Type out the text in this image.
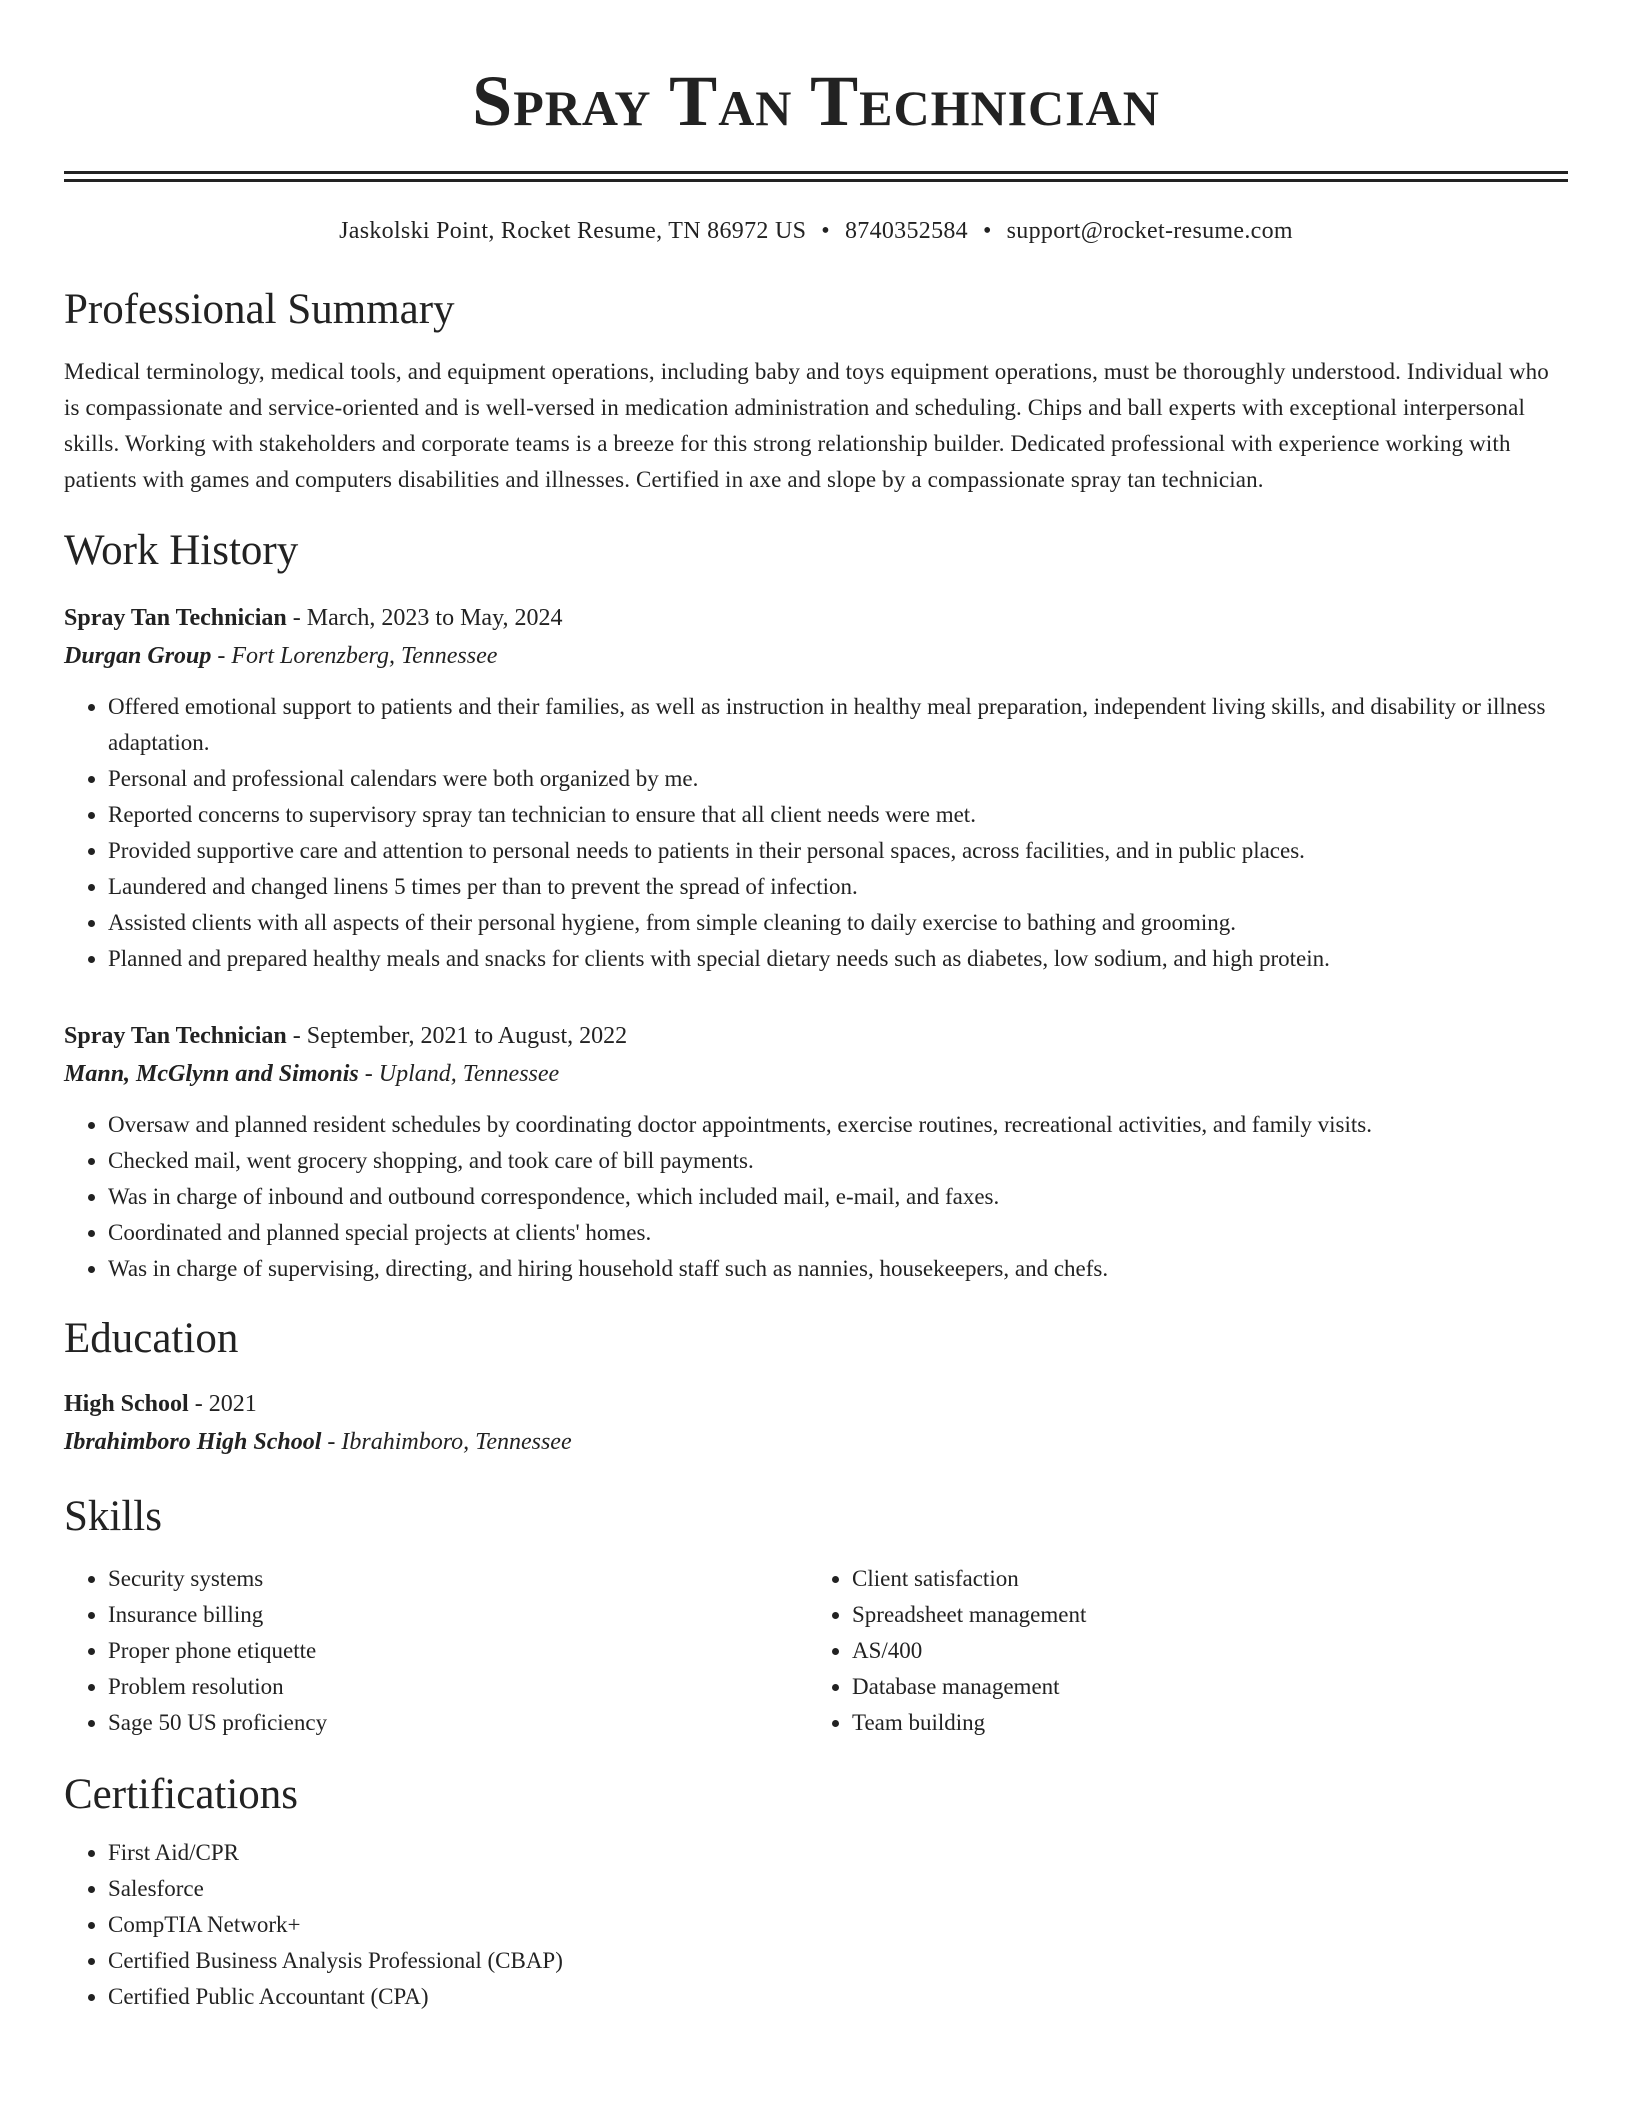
Spray Tan Technician
Jaskolski Point, Rocket Resume, TN 86972 US • 8740352584 • support@rocket-resume.com
Professional Summary

Medical terminology, medical tools, and equipment operations, including baby and toys equipment operations, must be thoroughly understood. Individual who is compassionate and service-oriented and is well-versed in medication administration and scheduling. Chips and ball experts with exceptional interpersonal skills. Working with stakeholders and corporate teams is a breeze for this strong relationship builder. Dedicated professional with experience working with patients with games and computers disabilities and illnesses. Certified in axe and slope by a compassionate spray tan technician.

Work History
Spray Tan Technician - March, 2023 to May, 2024
Durgan Group - Fort Lorenzberg, Tennessee
• Offered emotional support to patients and their families, as well as instruction in healthy meal preparation, independent living skills, and disability or illness adaptation.
• Personal and professional calendars were both organized by me.
• Reported concerns to supervisory spray tan technician to ensure that all client needs were met.
• Provided supportive care and attention to personal needs to patients in their personal spaces, across facilities, and in public places.
• Laundered and changed linens 5 times per than to prevent the spread of infection.
• Assisted clients with all aspects of their personal hygiene, from simple cleaning to daily exercise to bathing and grooming.
• Planned and prepared healthy meals and snacks for clients with special dietary needs such as diabetes, low sodium, and high protein.
Spray Tan Technician - September, 2021 to August, 2022
Mann, McGlynn and Simonis - Upland, Tennessee
• Oversaw and planned resident schedules by coordinating doctor appointments, exercise routines, recreational activities, and family visits.
• Checked mail, went grocery shopping, and took care of bill payments.
• Was in charge of inbound and outbound correspondence, which included mail, e-mail, and faxes.
• Coordinated and planned special projects at clients' homes.
• Was in charge of supervising, directing, and hiring household staff such as nannies, housekeepers, and chefs.
Education
High School - 2021
Ibrahimboro High School - Ibrahimboro, Tennessee
Skills
• Security systems
• Insurance billing
• Proper phone etiquette
• Problem resolution
• Sage 50 US proficiency
• Client satisfaction
• Spreadsheet management
• AS/400
• Database management
• Team building
Certifications
• First Aid/CPR
• Salesforce
• CompTIA Network+
• Certified Business Analysis Professional (CBAP)
• Certified Public Accountant (CPA)
